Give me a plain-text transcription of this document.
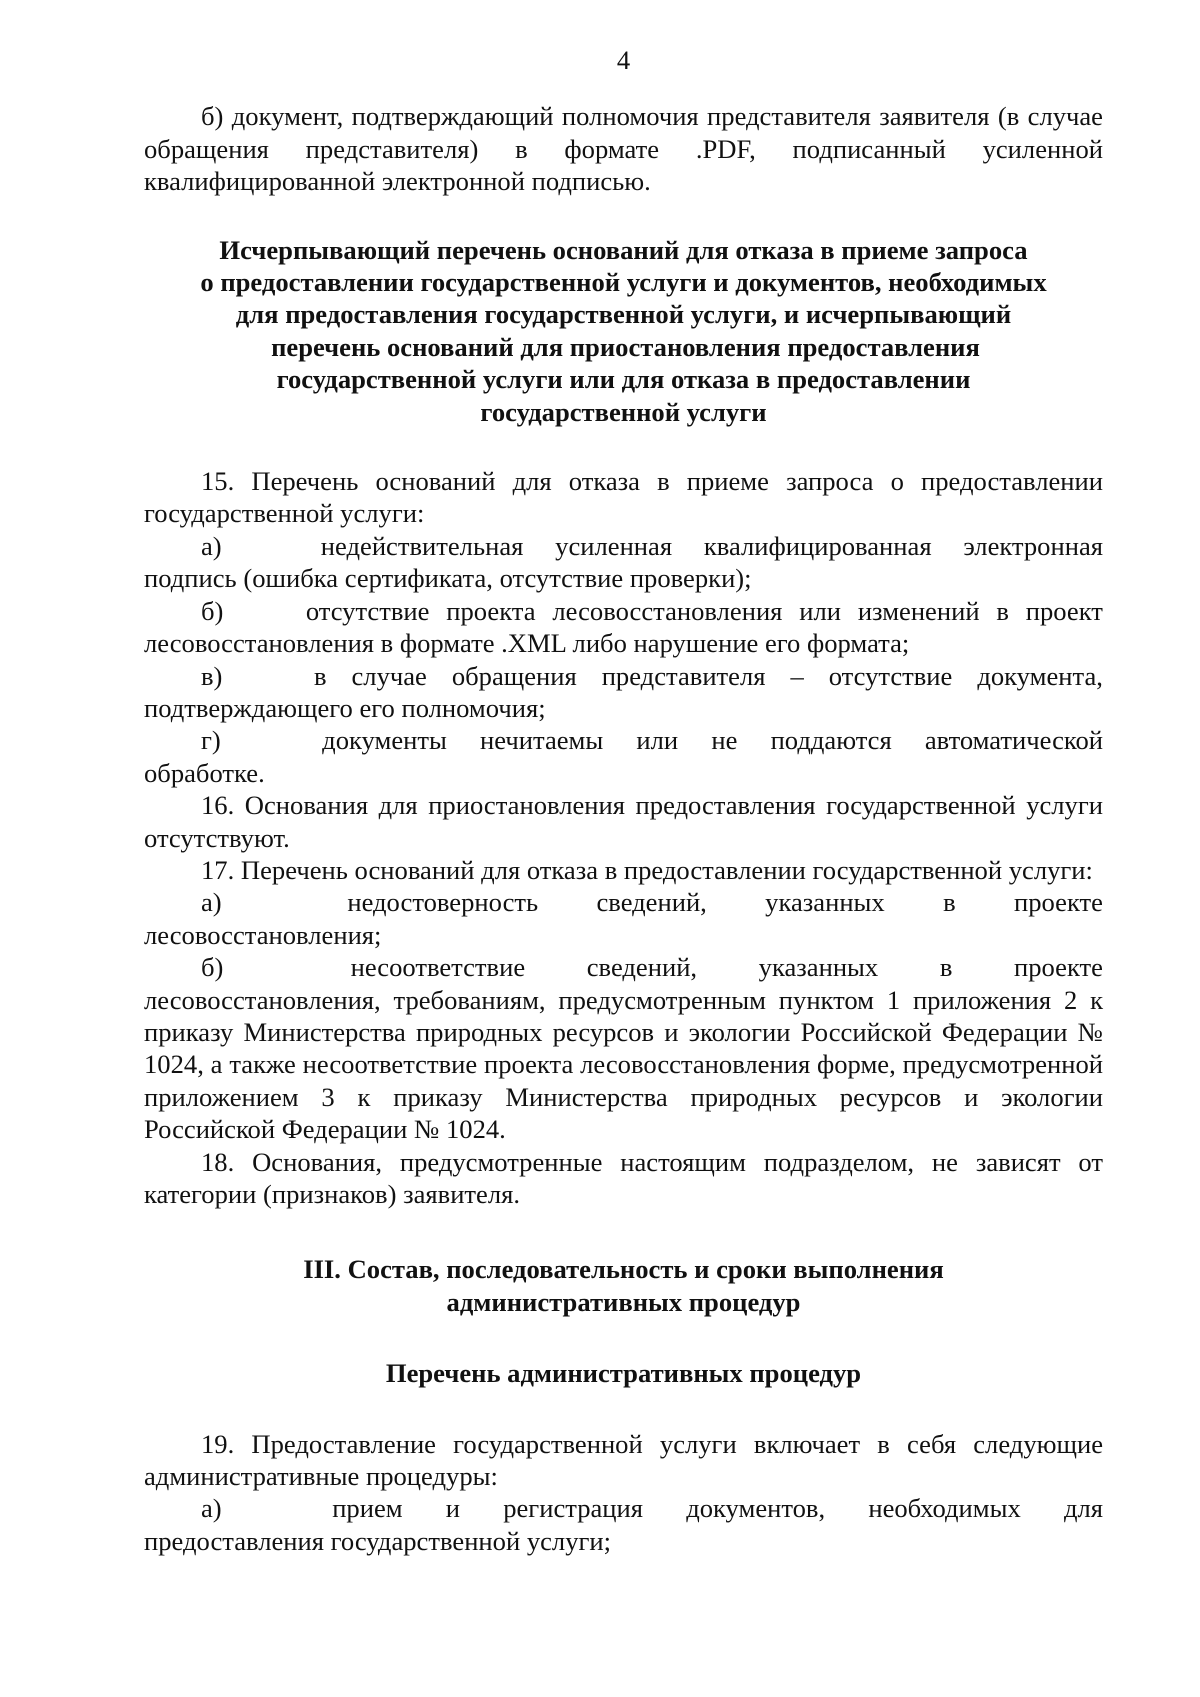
4

б) документ, подтверждающий полномочия представителя заявителя (в случае обращения представителя) в формате .PDF, подписанный усиленной квалифицированной электронной подписью.

Исчерпывающий перечень оснований для отказа в приеме запроса
о предоставлении государственной услуги и документов, необходимых
для предоставления государственной услуги, и исчерпывающий
перечень оснований для приостановления предоставления
государственной услуги или для отказа в предоставлении
государственной услуги

15. Перечень оснований для отказа в приеме запроса о предоставлении государственной услуги:

а)	недействительная усиленная квалифицированная электронная

подпись (ошибка сертификата, отсутствие проверки);

б)	отсутствие проекта лесовосстановления или изменений в проект

лесовосстановления в формате .XML либо нарушение его формата;

в)	в случае обращения представителя – отсутствие документа,

подтверждающего его полномочия;

г)	документы нечитаемы или не поддаются автоматической

обработке.

16. Основания для приостановления предоставления государственной услуги отсутствуют.

17. Перечень оснований для отказа в предоставлении государственной услуги:

а)	недостоверность сведений, указанных в проекте

лесовосстановления;

б)	несоответствие сведений, указанных в проекте

лесовосстановления, требованиям, предусмотренным пунктом 1 приложения 2 к приказу Министерства природных ресурсов и экологии Российской Федерации № 1024, а также несоответствие проекта лесовосстановления форме, предусмотренной приложением 3 к приказу Министерства природных ресурсов и экологии Российской Федерации № 1024.

18. Основания, предусмотренные настоящим подразделом, не зависят от категории (признаков) заявителя.

III. Состав, последовательность и сроки выполнения
административных процедур
Перечень административных процедур

19. Предоставление государственной услуги включает в себя следующие административные процедуры:

а)	прием и регистрация документов, необходимых для

предоставления государственной услуги;
